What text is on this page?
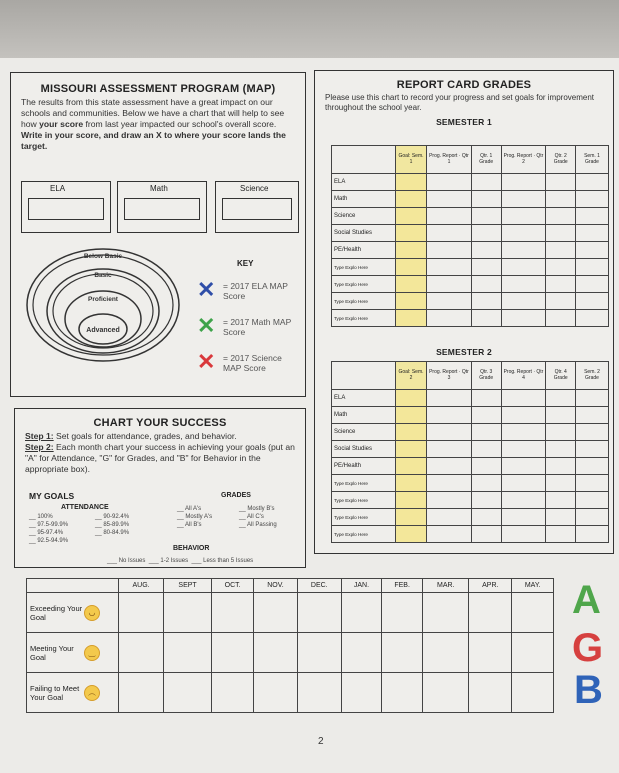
MISSOURI ASSESSMENT PROGRAM (MAP)
The results from this state assessment have a great impact on our schools and communities. Below we have a chart that will help to see how your score from last year impacted our school's overall score. Write in your score, and draw an X to where your score lands the target.
ELA	Math	Science
Below Basic
Basic
Proficient
Advanced
KEY
✕ = 2017 ELA MAP Score
✕ = 2017 Math MAP Score
✕ = 2017 Science MAP Score
REPORT CARD GRADES
Please use this chart to record your progress and set goals for improvement throughout the school year.
SEMESTER 1
	Goal: Sem. 1	Prog. Report · Qtr 1	Qtr. 1 Grade	Prog. Report · Qtr 2	Qtr. 2 Grade	Sem. 1 Grade
ELA						
Math						
Science						
Social Studies						
PE/Health						
Type Explo Here						
Type Explo Here						
Type Explo Here						
Type Explo Here						
SEMESTER 2
	Goal: Sem. 2	Prog. Report · Qtr 3	Qtr. 3 Grade	Prog. Report · Qtr 4	Qtr. 4 Grade	Sem. 2 Grade
ELA						
Math						
Science						
Social Studies						
PE/Health						
Type Explo Here						
Type Explo Here						
Type Explo Here						
Type Explo Here						
CHART YOUR SUCCESS
Step 1: Set goals for attendance, grades, and behavior.
Step 2: Each month chart your success in achieving your goals (put an "A" for Attendance, "G" for Grades, and "B" for Behavior in the appropriate box).
MY GOALS
ATTENDANCE
GRADES
__ 100%
__ 97.5-99.9%
__ 95-97.4%
__ 92.5-94.9%
__ 90-92.4%
__ 85-89.9%
__ 80-84.9%
__ All A's
__ Mostly A's
__ All B's
__ Mostly B's
__ All C's
__ All Passing
BEHAVIOR
___ No Issues ___ 1-2 Issues ___ Less than 5 Issues
	AUG.	SEPT	OCT.	NOV.	DEC.	JAN.	FEB.	MAR.	APR.	MAY.
Exceeding Your Goal◡										
Meeting Your Goal‿										
Failing to Meet Your Goal︵										
A
G
B
2
